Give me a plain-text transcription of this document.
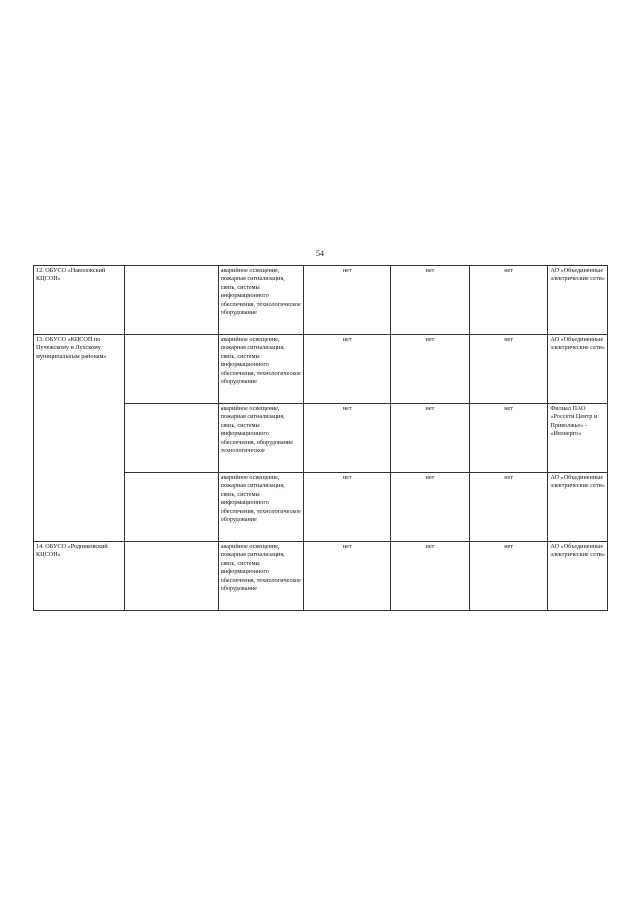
54
12. ОБУСО «Наволокский КЦСОН»		аварийное освещение, пожарная сигнализация, связь, системы информационного обеспечения, технологическое оборудование	нет	нет	нет	АО «Объединенные электрические сети»

13. ОБУСО «КЦСОН по Пучежскому и Лухскому муниципальным районам»		аварийное освещение, пожарная сигнализация, связь, системы информационного обеспечения, технологическое оборудование	нет	нет	нет	АО «Объединенные электрические сети»

		аварийное освещение, пожарная сигнализация, связь, системы информационного обеспечения, оборудование технологическое	нет	нет	нет	Филиал ПАО «Россети Центр и Приволжье» - «Ивэнерго»

		аварийное освещение, пожарная сигнализация, связь, системы информационного обеспечения, технологическое оборудование	нет	нет	нет	АО «Объединенные электрические сети»

14. ОБУСО «Родниковский КЦСОН»		аварийное освещение, пожарная сигнализация, связь, системы информационного обеспечения, технологическое оборудование	нет	нет	нет	АО «Объединенные электрические сети»
